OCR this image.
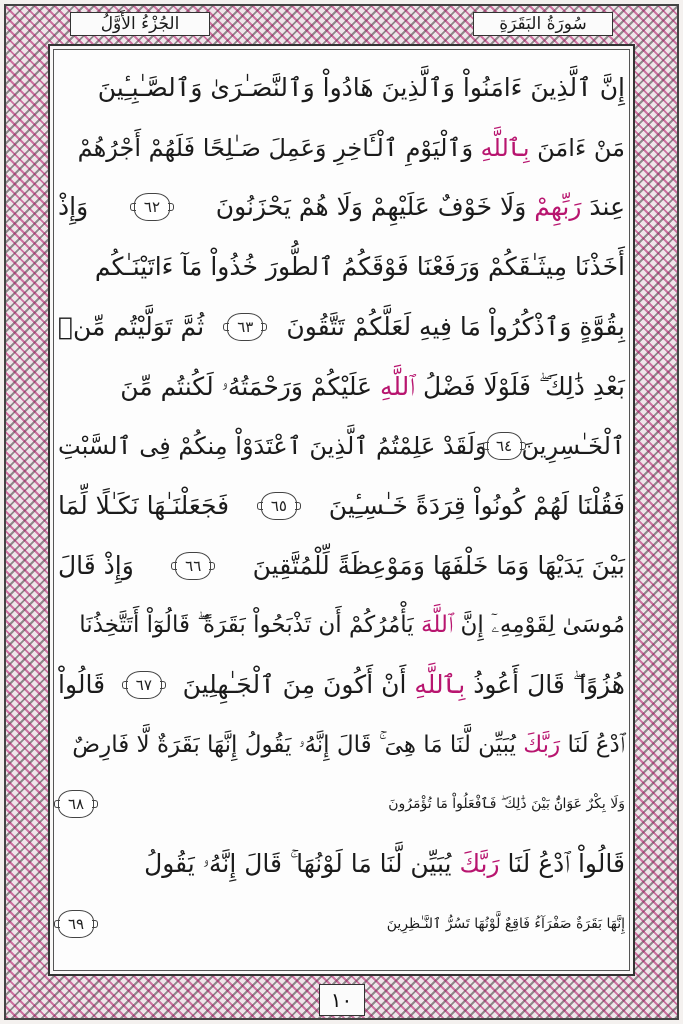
الجُزْءُ الأَوَّلُ	سُورَةُ البَقَرَةِ
إِنَّ ٱلَّذِينَ ءَامَنُواْ وَٱلَّذِينَ هَادُواْ وَٱلنَّصَـٰرَىٰ وَٱلصَّـٰبِـِٔينَ
مَنْ ءَامَنَ بِٱللَّهِ وَٱلْيَوْمِ ٱلْـَٔاخِرِ وَعَمِلَ صَـٰلِحًا فَلَهُمْ أَجْرُهُمْ
عِندَ رَبِّهِمْ وَلَا خَوْفٌ عَلَيْهِمْ وَلَا هُمْ يَحْزَنُونَ
٦٢
وَإِذْ
أَخَذْنَا مِيثَـٰقَكُمْ وَرَفَعْنَا فَوْقَكُمُ ٱلطُّورَ خُذُواْ مَآ ءَاتَيْنَـٰكُم
بِقُوَّةٍ وَٱذْكُرُواْ مَا فِيهِ لَعَلَّكُمْ تَتَّقُونَ
٦٣
ثُمَّ تَوَلَّيْتُم مِّنۢ
بَعْدِ ذَٰلِكَ ۖ فَلَوْلَا فَضْلُ ٱللَّهِ عَلَيْكُمْ وَرَحْمَتُهُۥ لَكُنتُم مِّنَ
ٱلْخَـٰسِرِينَ
٦٤
وَلَقَدْ عَلِمْتُمُ ٱلَّذِينَ ٱعْتَدَوْاْ مِنكُمْ فِى ٱلسَّبْتِ
فَقُلْنَا لَهُمْ كُونُواْ قِرَدَةً خَـٰسِـِٔينَ
٦٥
فَجَعَلْنَـٰهَا نَكَـٰلًا لِّمَا
بَيْنَ يَدَيْهَا وَمَا خَلْفَهَا وَمَوْعِظَةً لِّلْمُتَّقِينَ
٦٦
وَإِذْ قَالَ
مُوسَىٰ لِقَوْمِهِۦٓ إِنَّ ٱللَّهَ يَأْمُرُكُمْ أَن تَذْبَحُواْ بَقَرَةً ۖ قَالُوٓاْ أَتَتَّخِذُنَا
هُزُوًا ۖ قَالَ أَعُوذُ بِٱللَّهِ أَنْ أَكُونَ مِنَ ٱلْجَـٰهِلِينَ
٦٧
قَالُواْ
ٱدْعُ لَنَا رَبَّكَ يُبَيِّن لَّنَا مَا هِىَ ۚ قَالَ إِنَّهُۥ يَقُولُ إِنَّهَا بَقَرَةٌ لَّا فَارِضٌ
وَلَا بِكْرٌ عَوَانٌۢ بَيْنَ ذَٰلِكَ ۖ فَٱفْعَلُواْ مَا تُؤْمَرُونَ
٦٨
قَالُواْ ٱدْعُ لَنَا رَبَّكَ يُبَيِّن لَّنَا مَا لَوْنُهَا ۚ قَالَ إِنَّهُۥ يَقُولُ
إِنَّهَا بَقَرَةٌ صَفْرَآءُ فَاقِعٌ لَّوْنُهَا تَسُرُّ ٱلنَّـٰظِرِينَ
٦٩
١٠
